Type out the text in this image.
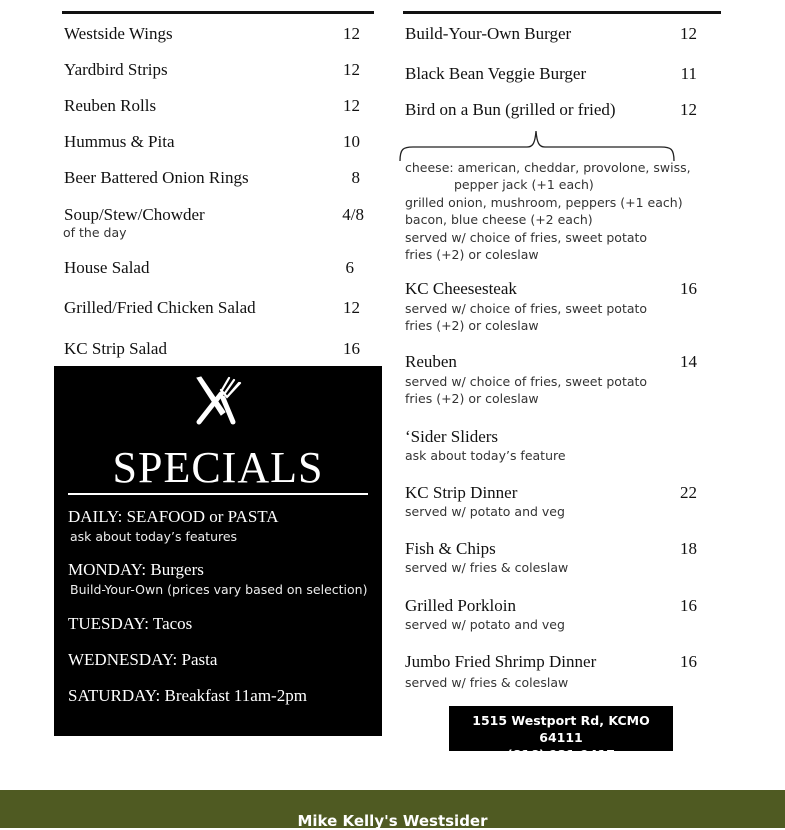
Westside Wings	12
Yardbird Strips	12
Reuben Rolls	12
Hummus & Pita	10
Beer Battered Onion Rings	8
Soup/Stew/Chowder	4/8
of the day
House Salad	6
Grilled/Fried Chicken Salad	12
KC Strip Salad	16
SPECIALS
DAILY: SEAFOOD or PASTA
ask about today’s features
MONDAY: Burgers
Build-Your-Own (prices vary based on selection)
TUESDAY: Tacos
WEDNESDAY: Pasta
SATURDAY: Breakfast 11am-2pm
Build-Your-Own Burger	12
Black Bean Veggie Burger	11
Bird on a Bun (grilled or fried)	12
cheese: american, cheddar, provolone, swiss,
pepper jack (+1 each)
grilled onion, mushroom, peppers (+1 each)
bacon, blue cheese (+2 each)
served w/ choice of fries, sweet potato
fries (+2) or coleslaw
KC Cheesesteak	16
served w/ choice of fries, sweet potato
fries (+2) or coleslaw
Reuben	14
served w/ choice of fries, sweet potato
fries (+2) or coleslaw
‘Sider Sliders
ask about today’s feature
KC Strip Dinner	22
served w/ potato and veg
Fish & Chips	18
served w/ fries & coleslaw
Grilled Porkloin	16
served w/ potato and veg
Jumbo Fried Shrimp Dinner	16
served w/ fries & coleslaw
1515 Westport Rd, KCMO 64111
(816) 931-9417
Mike Kelly's Westsider
